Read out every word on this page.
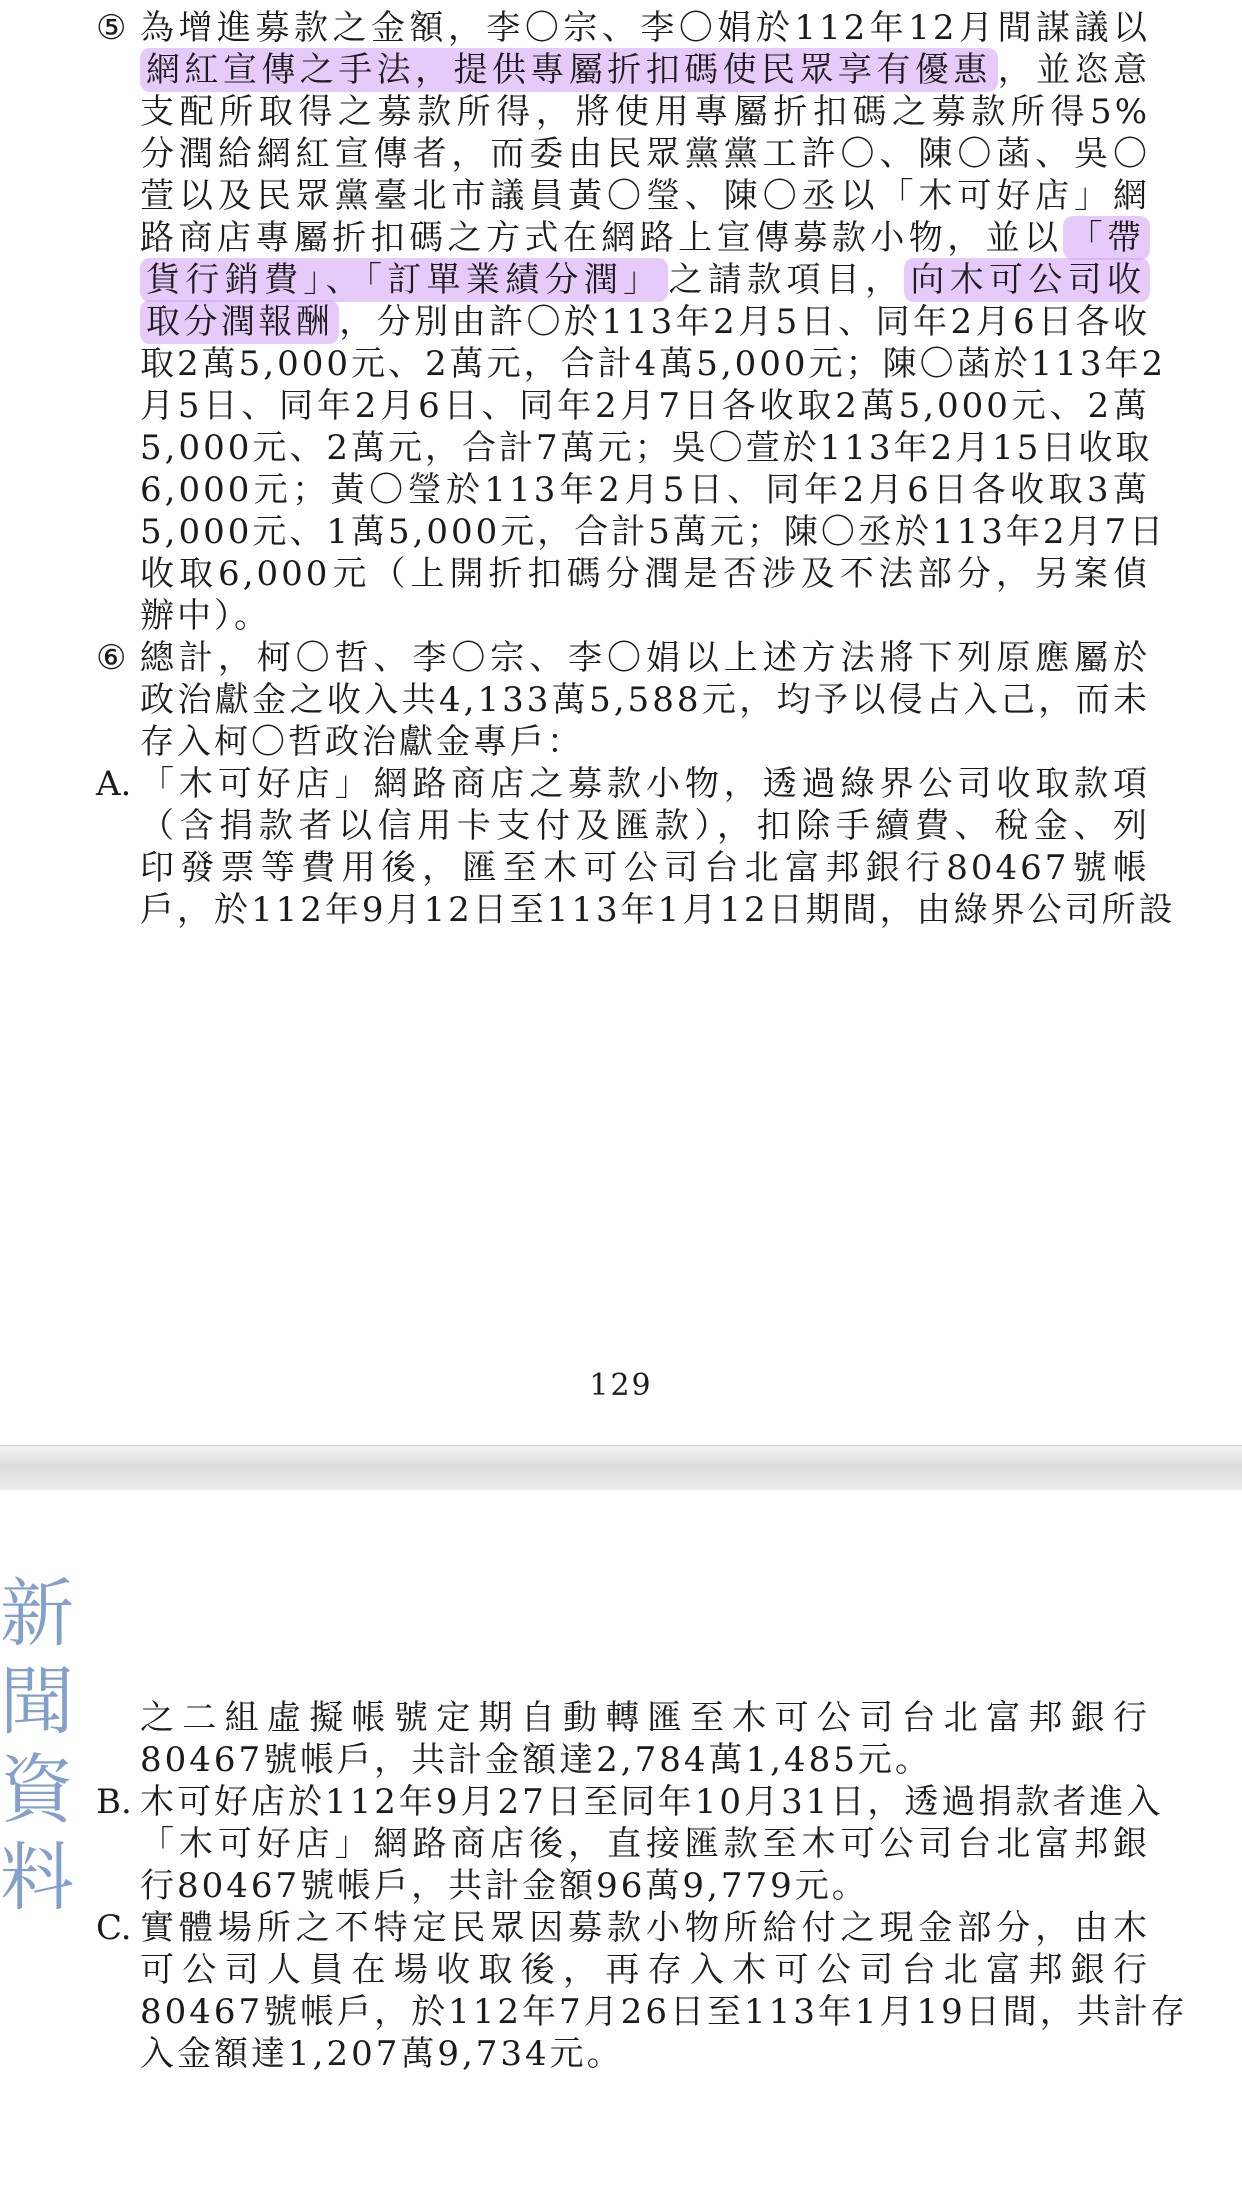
⑤ 為增進募款之金額，李〇宗、李〇娟於112年12月間謀議以
網紅宣傳之手法，提供專屬折扣碼使民眾享有優惠 ，並恣意
支配所取得之募款所得，將使用專屬折扣碼之募款所得5%
分潤給網紅宣傳者，而委由民眾黨黨工許〇、陳〇菡、吳〇
萱以及民眾黨臺北市議員黃〇瑩、陳〇丞以「木可好店」網
路商店專屬折扣碼之方式在網路上宣傳募款小物，並以 「帶
貨行銷費」、「訂單業績分潤」 之請款項目， 向木可公司收
取分潤報酬 ，分別由許〇於113年2月5日、同年2月6日各收
取2萬5,000元、2萬元，合計4萬5,000元；陳〇菡於113年2
月5日、同年2月6日、同年2月7日各收取2萬5,000元、2萬
5,000元、2萬元，合計7萬元；吳〇萱於113年2月15日收取
6,000元；黃〇瑩於113年2月5日、同年2月6日各收取3萬
5,000元、1萬5,000元，合計5萬元；陳〇丞於113年2月7日
收取6,000元（上開折扣碼分潤是否涉及不法部分，另案偵
辦中）。
⑥ 總計，柯〇哲、李〇宗、李〇娟以上述方法將下列原應屬於
政治獻金之收入共4,133萬5,588元，均予以侵占入己，而未
存入柯〇哲政治獻金專戶：
A. 「木可好店」網路商店之募款小物，透過綠界公司收取款項
（含捐款者以信用卡支付及匯款），扣除手續費、稅金、列
印發票等費用後，匯至木可公司台北富邦銀行80467號帳
戶，於112年9月12日至113年1月12日期間，由綠界公司所設
129
之二組虛擬帳號定期自動轉匯至木可公司台北富邦銀行
80467號帳戶，共計金額達2,784萬1,485元。
B. 木可好店於112年9月27日至同年10月31日，透過捐款者進入
「木可好店」網路商店後，直接匯款至木可公司台北富邦銀
行80467號帳戶，共計金額96萬9,779元。
C. 實體場所之不特定民眾因募款小物所給付之現金部分，由木
可公司人員在場收取後，再存入木可公司台北富邦銀行
80467號帳戶，於112年7月26日至113年1月19日間，共計存
入金額達1,207萬9,734元。
新
聞
資
料
